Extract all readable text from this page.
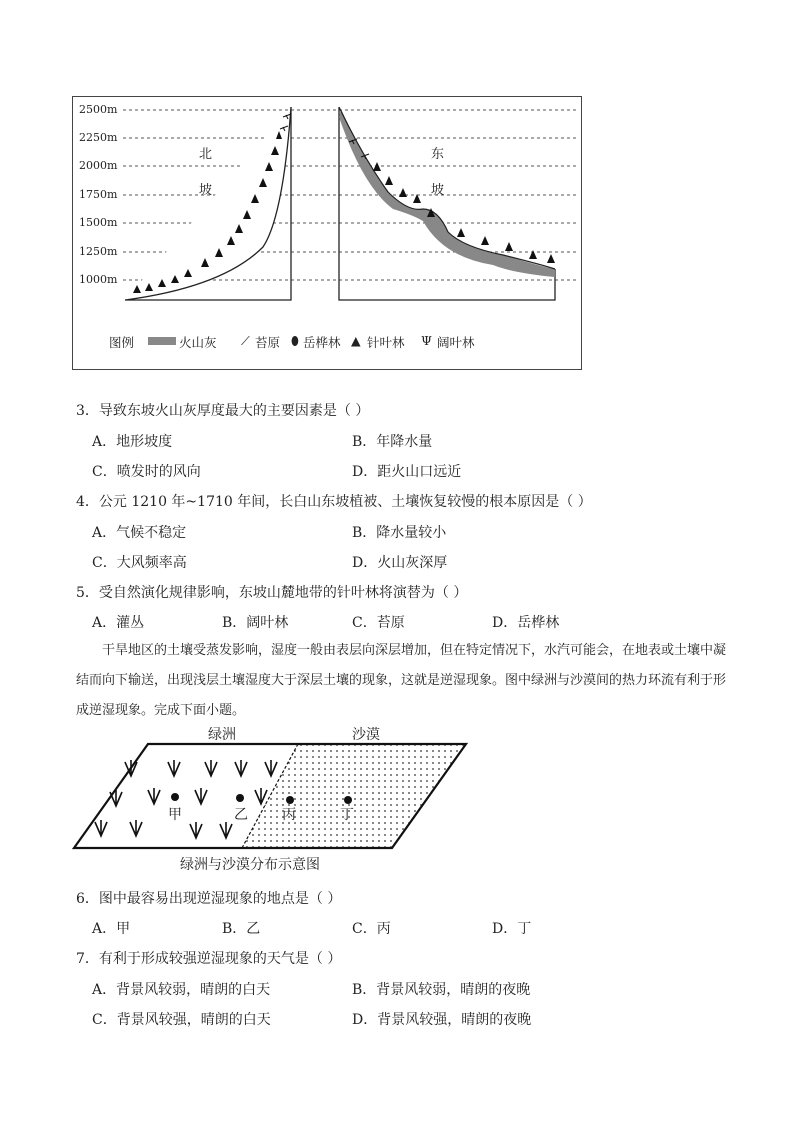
2500m
2250m
2000m
1750m
1500m
1250m
1000m
北
坡
东
坡
图例	火山灰 ⟋ 苔原 ⬮ 岳桦林 ▲ 针叶林 Ψ 阔叶林
3．导致东坡火山灰厚度最大的主要因素是（ ）
A．地形坡度	B．年降水量
C．喷发时的风向	D．距火山口远近
4．公元 1210 年~1710 年间，长白山东坡植被、土壤恢复较慢的根本原因是（ ）
A．气候不稳定	B．降水量较小
C．大风频率高	D．火山灰深厚
5．受自然演化规律影响，东坡山麓地带的针叶林将演替为（ ）
A．灌丛	B．阔叶林	C．苔原	D．岳桦林
干旱地区的土壤受蒸发影响，湿度一般由表层向深层增加，但在特定情况下，水汽可能会，在地表或土壤中凝结而向下输送，出现浅层土壤湿度大于深层土壤的现象，这就是逆湿现象。图中绿洲与沙漠间的热力环流有利于形成逆湿现象。完成下面小题。
绿洲	沙漠
甲	乙 丙	丁
绿洲与沙漠分布示意图
6．图中最容易出现逆湿现象的地点是（ ）
A．甲	B．乙	C．丙	D．丁
7．有利于形成较强逆湿现象的天气是（ ）
A．背景风较弱，晴朗的白天	B．背景风较弱，晴朗的夜晚
C．背景风较强，晴朗的白天	D．背景风较强，晴朗的夜晚
